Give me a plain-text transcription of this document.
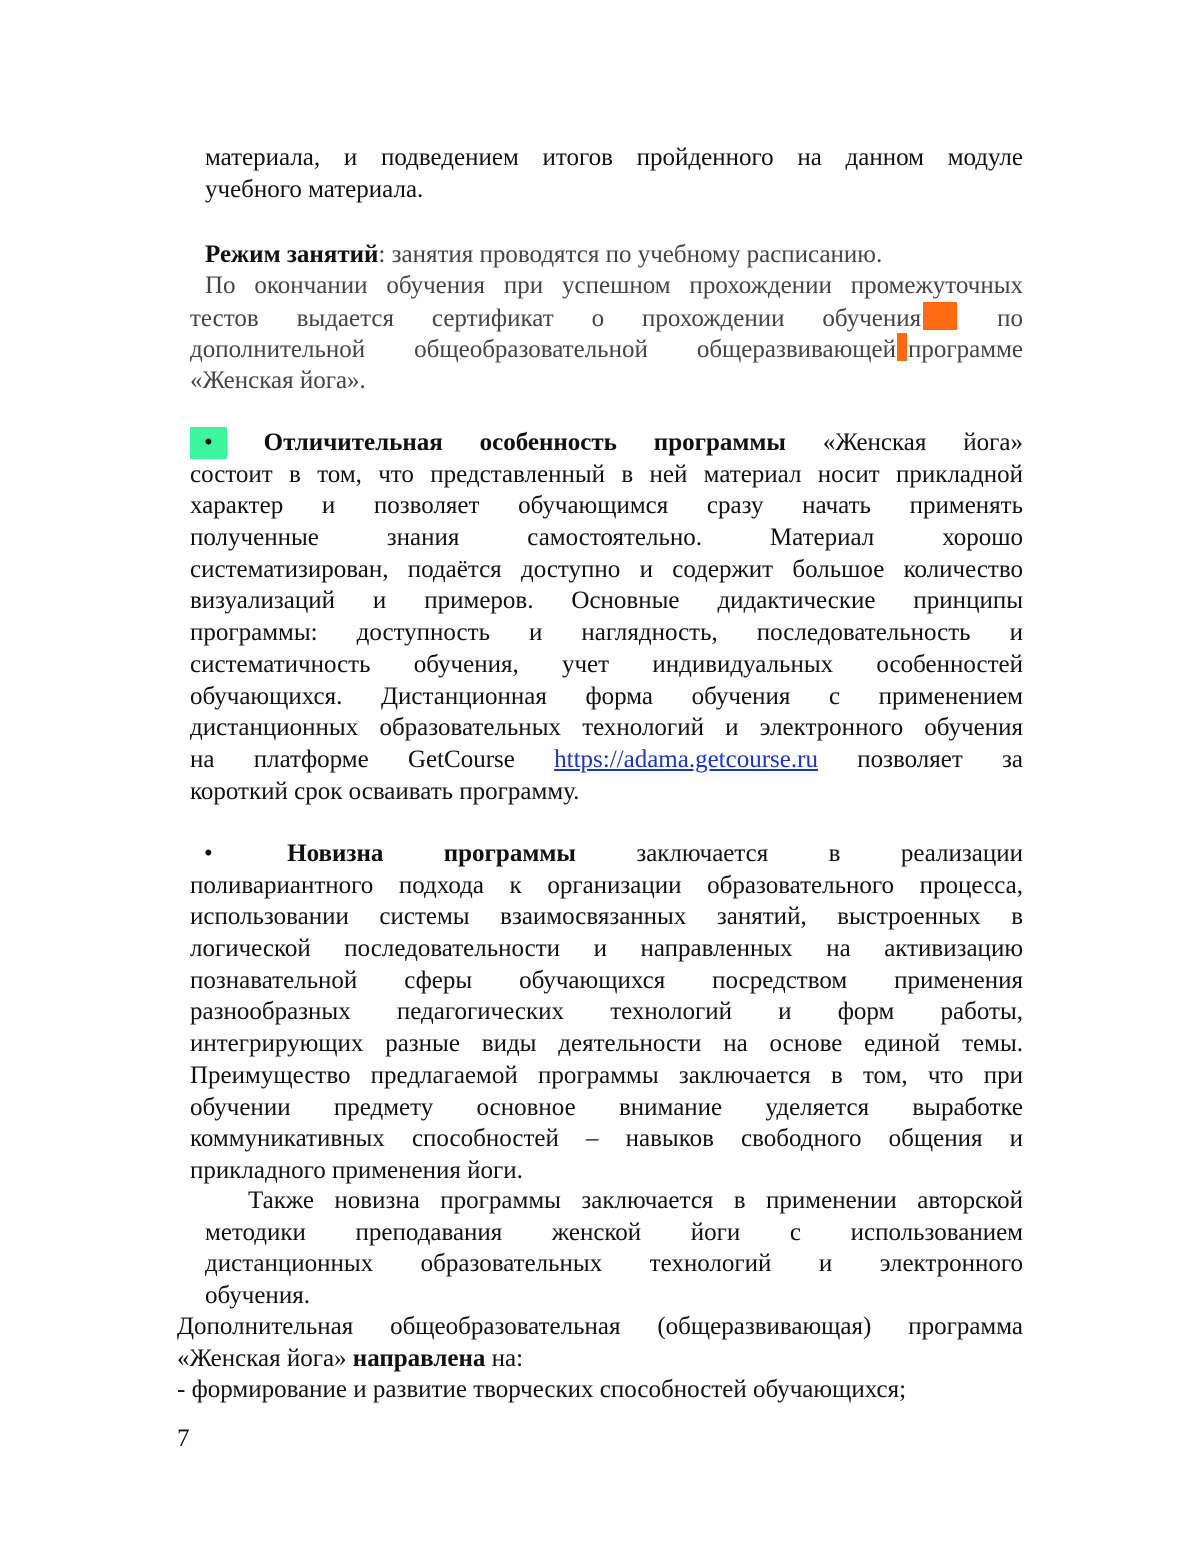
материала, и подведением итогов пройденного на данном модуле
учебного материала.
Режим занятий: занятия проводятся по учебному расписанию.
По окончании обучения при успешном прохождении промежуточных
тестов выдается сертификат о прохождении обучения	по
дополнительной общеобразовательной общеразвивающей программе
«Женская йога».
• Отличительная особенность программы «Женская йога»
состоит в том, что представленный в ней материал носит прикладной
характер и позволяет обучающимся сразу начать применять
полученные знания самостоятельно. Материал хорошо
систематизирован, подаётся доступно и содержит большое количество
визуализаций и примеров. Основные дидактические принципы
программы: доступность и наглядность, последовательность и
систематичность обучения, учет индивидуальных особенностей
обучающихся. Дистанционная форма обучения с применением
дистанционных образовательных технологий и электронного обучения
на платформе GetCourse https://adama.getcourse.ru позволяет за
короткий срок осваивать программу.
•	Новизна программы заключается в реализации
поливариантного подхода к организации образовательного процесса,
использовании системы взаимосвязанных занятий, выстроенных в
логической последовательности и направленных на активизацию
познавательной сферы обучающихся посредством применения
разнообразных педагогических технологий и форм работы,
интегрирующих разные виды деятельности на основе единой темы.
Преимущество предлагаемой программы заключается в том, что при
обучении предмету основное внимание уделяется выработке
коммуникативных способностей – навыков свободного общения и
прикладного применения йоги.
Также новизна программы заключается в применении авторской
методики преподавания женской йоги с использованием
дистанционных образовательных технологий и электронного
обучения.
Дополнительная общеобразовательная (общеразвивающая) программа
«Женская йога» направлена на:
- формирование и развитие творческих способностей обучающихся;
7
